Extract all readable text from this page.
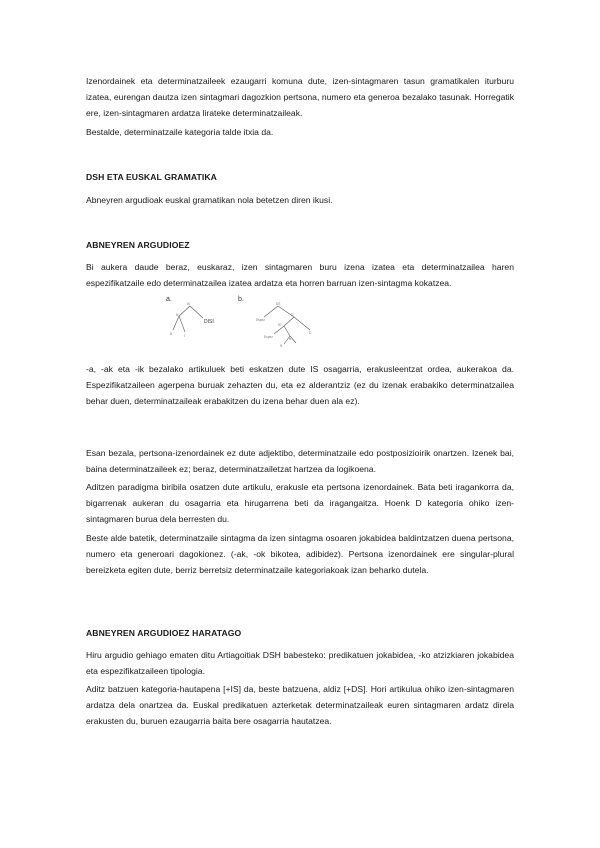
Izenordainek eta determinatzaileek ezaugarri komuna dute, izen-sintagmaren tasun gramatikalen iturburu izatea, eurengan dautza izen sintagmari dagozkion pertsona, numero eta generoa bezalako tasunak. Horregatik ere, izen-sintagmaren ardatza lirateke determinatzaileak.

Bestalde, determinatzaile kategoria talde itxia da.

DSH ETA EUSKAL GRAMATIKA

Abneyren argudioak euskal gramatikan nola betetzen diren ikusi.

ABNEYREN ARGUDIOEZ

Bi aukera daude beraz, euskaraz, izen sintagmaren buru izena izatea eta determinatzailea haren espezifikatzaile edo determinatzailea izatea ardatza eta horren barruan izen-sintagma kokatzea.

a.
IS
N'
N	I
DISI
b.
DS
Espez
D'
IS
D
Espez	N'
N

-a, -ak eta -ik bezalako artikuluek beti eskatzen dute IS osagarria, erakusleentzat ordea, aukerakoa da. Espezifikatzaileen agerpena buruak zehazten du, eta ez alderantziz (ez du izenak erabakiko determinatzailea behar duen, determinatzaileak erabakitzen du izena behar duen ala ez).

Esan bezala, pertsona-izenordainek ez dute adjektibo, determinatzaile edo postposizioirik onartzen. Izenek bai, baina determinatzaileek ez; beraz, determinatzailetzat hartzea da logikoena.

Aditzen paradigma biribila osatzen dute artikulu, erakusle eta pertsona izenordainek. Bata beti iragankorra da, bigarrenak aukeran du osagarria eta hirugarrena beti da iragangaitza. Hoenk D kategoria ohiko izen-sintagmaren burua dela berresten du.

Beste alde batetik, determinatzaile sintagma da izen sintagma osoaren jokabidea baldintzatzen duena pertsona, numero eta generoari dagokionez. (-ak, -ok bikotea, adibidez). Pertsona izenordainek ere singular-plural bereizketa egiten dute, berriz berretsiz determinatzaile kategoriakoak izan beharko dutela.

ABNEYREN ARGUDIOEZ HARATAGO

Hiru argudio gehiago ematen ditu Artiagoitiak DSH babesteko: predikatuen jokabidea, -ko atzizkiaren jokabidea eta espezifikatzaileen tipologia.

Aditz batzuen kategoria-hautapena [+IS] da, beste batzuena, aldiz [+DS]. Hori artikulua ohiko izen-sintagmaren ardatza dela onartzea da. Euskal predikatuen azterketak determinatzaileak euren sintagmaren ardatz direla erakusten du, buruen ezaugarria baita bere osagarria hautatzea.
